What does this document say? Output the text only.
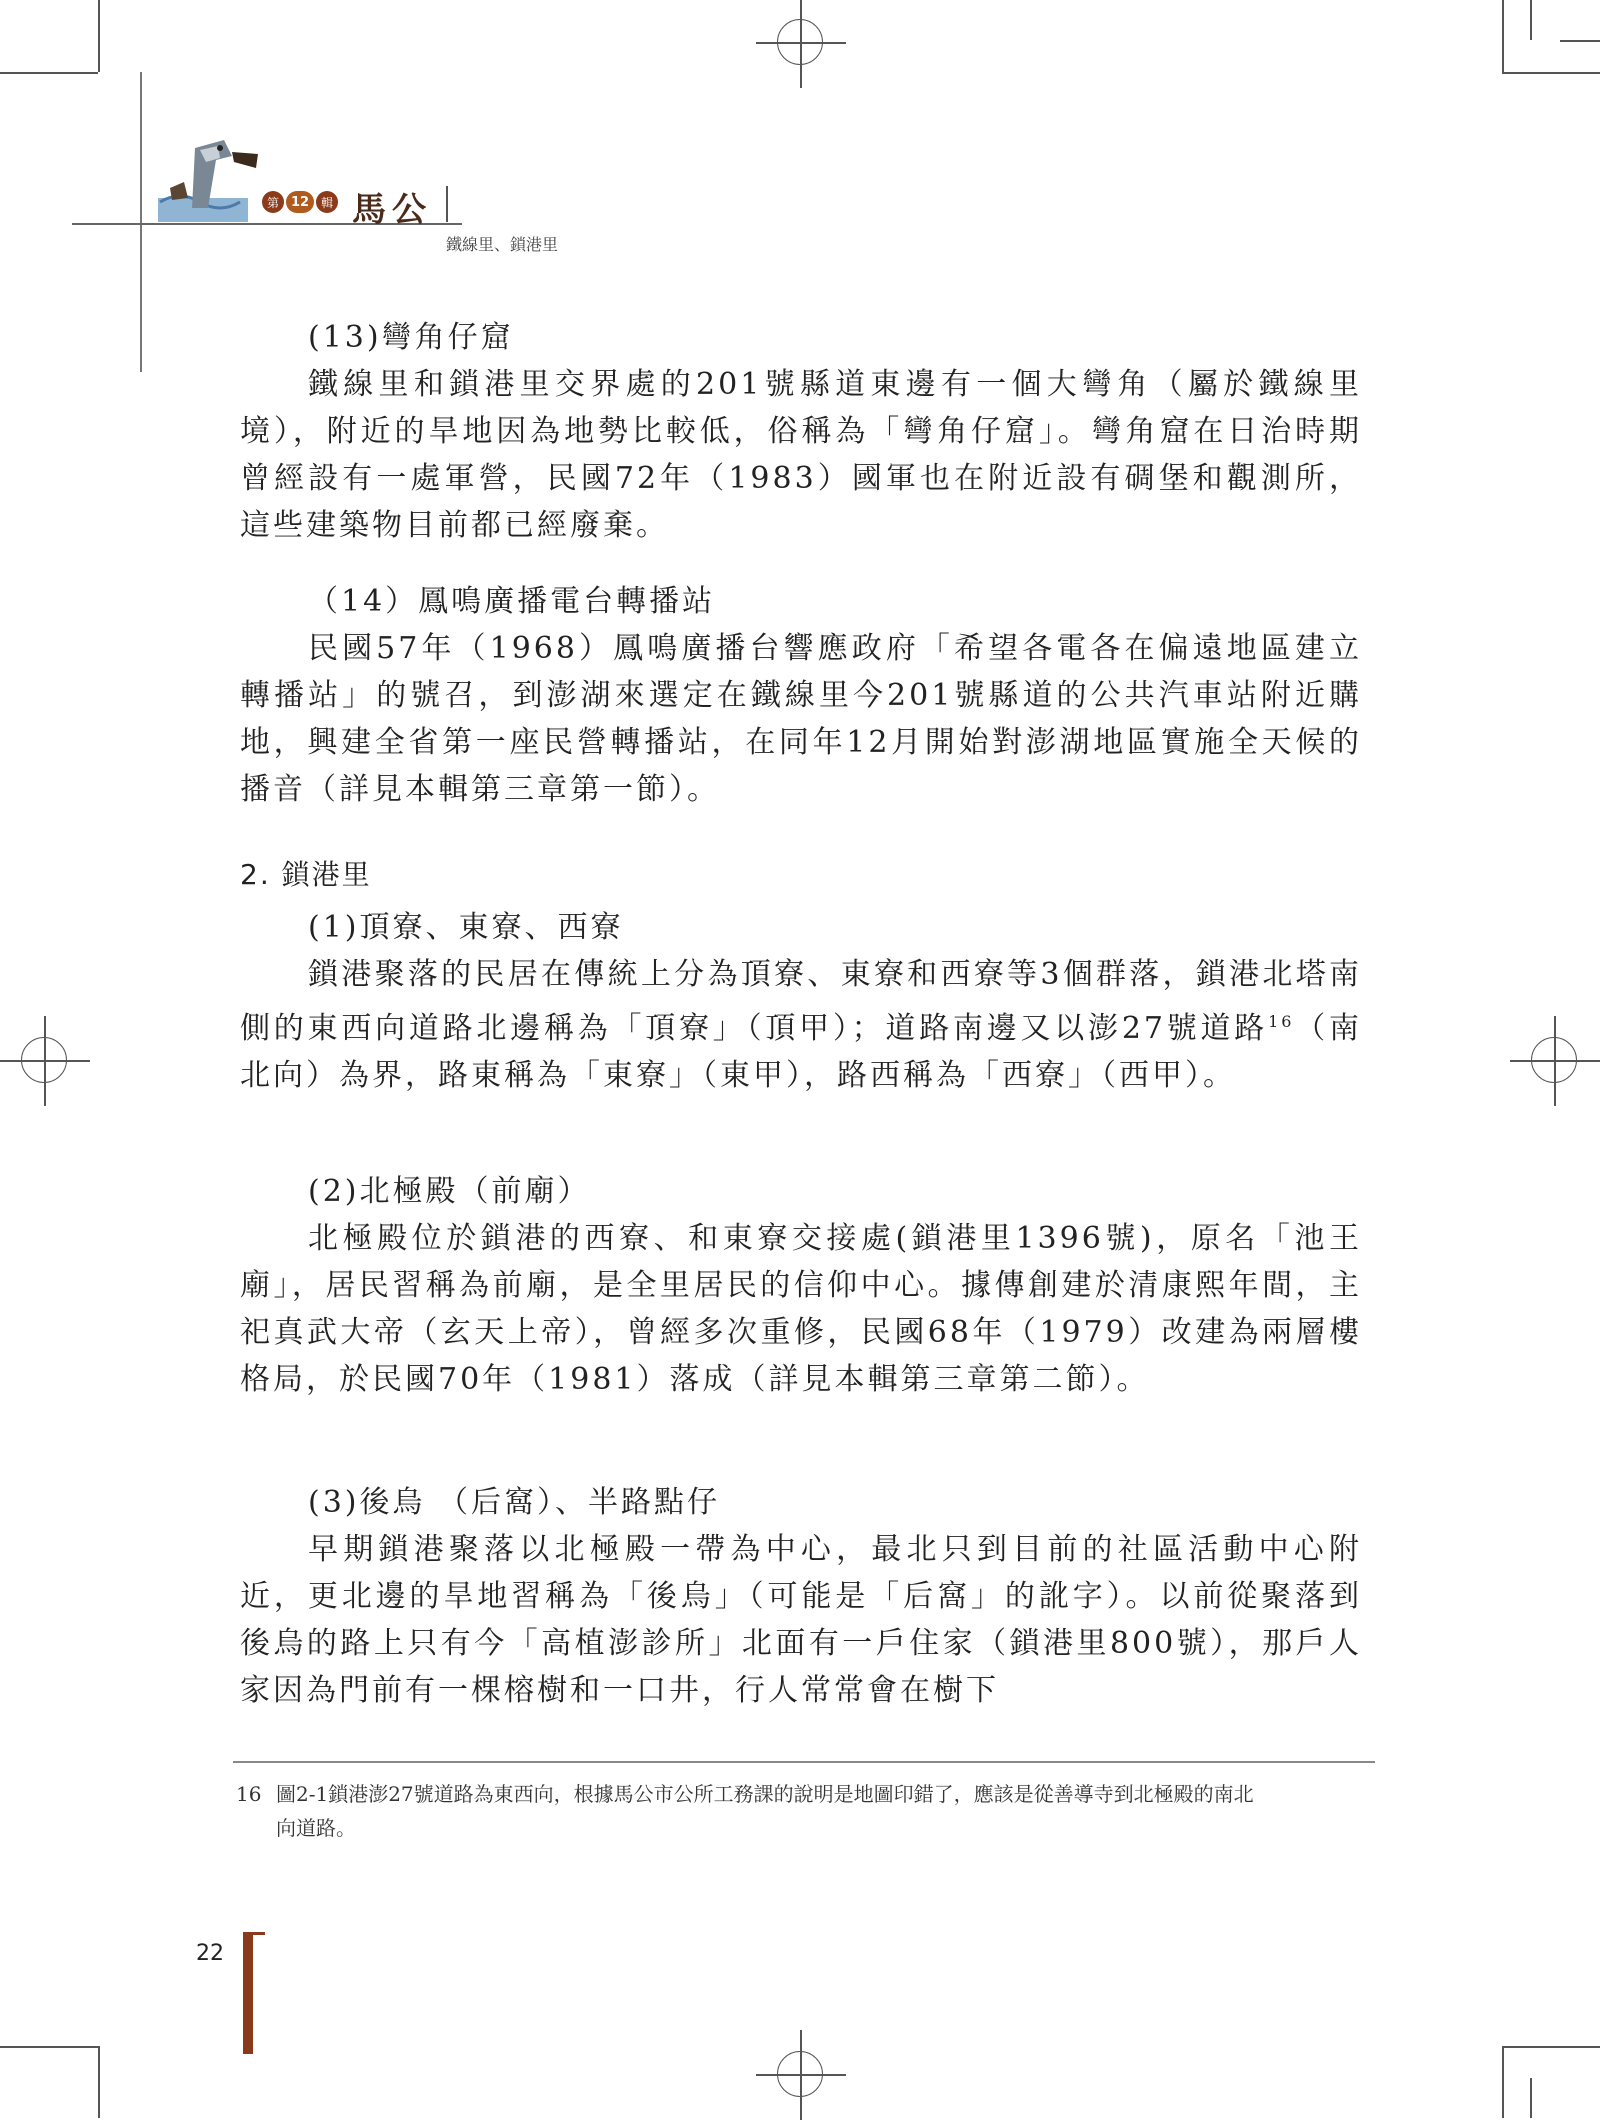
第 12 輯 馬公
鐵線里、鎖港里

(13)彎角仔窟

鐵線里和鎖港里交界處的201號縣道東邊有一個大彎角（屬於鐵線里境），附近的旱地因為地勢比較低，俗稱為「彎角仔窟」。彎角窟在日治時期曾經設有一處軍營，民國72年（1983）國軍也在附近設有碉堡和觀測所，這些建築物目前都已經廢棄。

（14）鳳鳴廣播電台轉播站

民國57年（1968）鳳鳴廣播台響應政府「希望各電各在偏遠地區建立轉播站」的號召，到澎湖來選定在鐵線里今201號縣道的公共汽車站附近購地，興建全省第一座民營轉播站，在同年12月開始對澎湖地區實施全天候的播音（詳見本輯第三章第一節）。

2. 鎖港里

(1)頂寮、東寮、西寮

鎖港聚落的民居在傳統上分為頂寮、東寮和西寮等3個群落，鎖港北塔南側的東西向道路北邊稱為「頂寮」（頂甲）；道路南邊又以澎27號道路$^{16}$（南北向）為界，路東稱為「東寮」（東甲），路西稱為「西寮」（西甲）。

(2)北極殿（前廟）

北極殿位於鎖港的西寮、和東寮交接處(鎖港里1396號)，原名「池王廟」，居民習稱為前廟，是全里居民的信仰中心。據傳創建於清康熙年間，主祀真武大帝（玄天上帝），曾經多次重修，民國68年（1979）改建為兩層樓格局，於民國70年（1981）落成（詳見本輯第三章第二節）。

(3)後烏 （后窩）、半路點仔

早期鎖港聚落以北極殿一帶為中心，最北只到目前的社區活動中心附近，更北邊的旱地習稱為「後烏」（可能是「后窩」的訛字）。以前從聚落到後烏的路上只有今「高植澎診所」北面有一戶住家（鎖港里800號），那戶人家因為門前有一棵榕樹和一口井，行人常常會在樹下

16 圖2-1鎖港澎27號道路為東西向，根據馬公市公所工務課的說明是地圖印錯了，應該是從善導寺到北極殿的南北
向道路。
22
